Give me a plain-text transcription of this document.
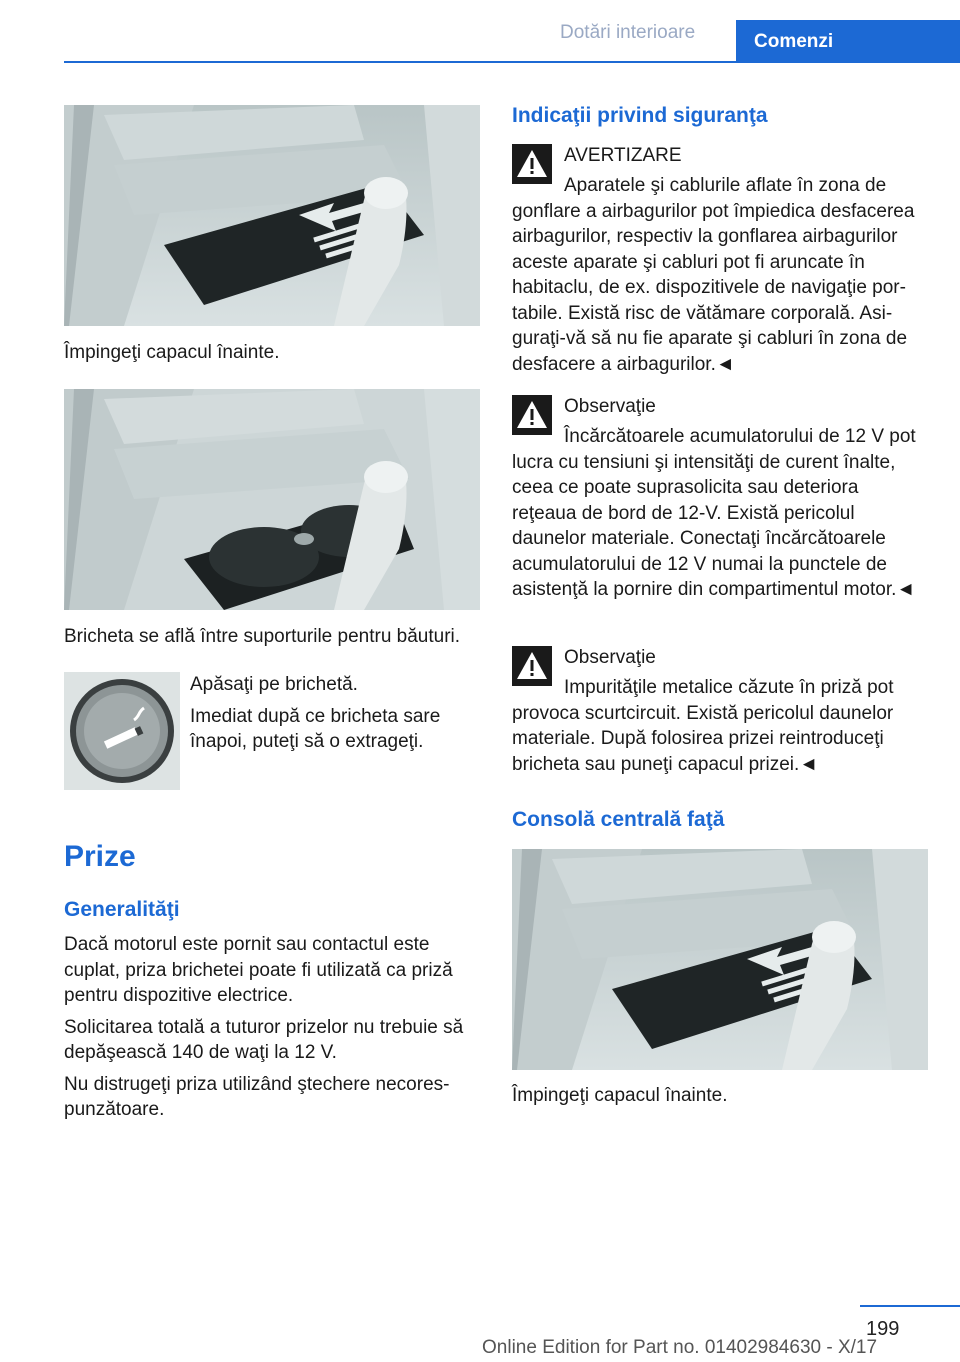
Dotări interioare	Comenzi

Împingeţi capacul înainte.

Bricheta se află între suporturile pentru băuturi.

Apăsaţi pe brichetă.

Imediat după ce bricheta sare înapoi, puteţi să o extrageţi.

Prize
Generalităţi

Dacă motorul este pornit sau contactul este cuplat, priza brichetei poate fi utilizată ca priză pentru dispozitive electrice.

Solicitarea totală a tuturor prizelor nu trebuie să depăşească 140 de waţi la 12 V.

Nu distrugeţi priza utilizând ştechere necorespunzătoare.

Indicaţii privind siguranţa

AVERTIZARE

Aparatele şi cablurile aflate în zona de gonflare a airbagurilor pot împiedica desfacerea airbagurilor, respectiv la gonflarea airbagurilor aceste aparate şi cabluri pot fi aruncate în habitaclu, de ex. dispozitivele de navigaţie portabile. Există risc de vătămare corporală. Asiguraţi-vă să nu fie aparate şi cabluri în zona de desfacere a airbagurilor.◄

Observaţie

Încărcătoarele acumulatorului de 12 V pot lucra cu tensiuni şi intensităţi de curent înalte, ceea ce poate suprasolicita sau deteriora reţeaua de bord de 12-V. Există pericolul daunelor materiale. Conectaţi încărcătoarele acumulatorului de 12 V numai la punctele de asistenţă la pornire din compartimentul motor.◄

Observaţie

Impurităţile metalice căzute în priză pot provoca scurtcircuit. Există pericolul daunelor materiale. După folosirea prizei reintroduceţi bricheta sau puneţi capacul prizei.◄

Consolă centrală faţă

Împingeţi capacul înainte.

199
Online Edition for Part no. 01402984630 - X/17
